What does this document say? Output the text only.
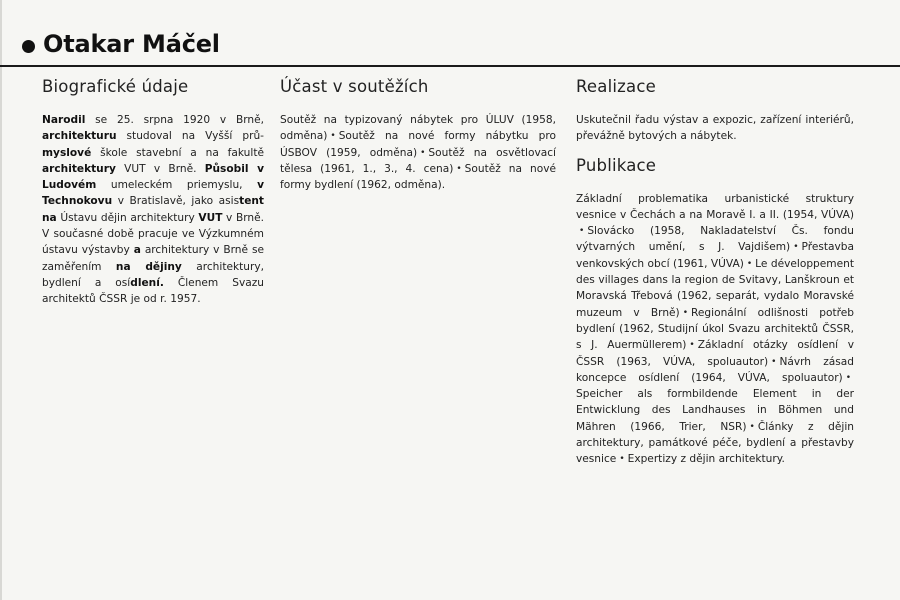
Otakar Máčel
Biografické údaje

Narodil se 25. srpna 1920 v Brně, architekturu studoval na Vyšší prů-myslové škole stavební a na fakultě architektury VUT v Brně. Působil v Ludovém umeleckém priemyslu, v Technokovu v Bratislavě, jako asistent na Ústavu dějin architektury VUT v Brně. V současné době pracuje ve Výzkumném ústavu výstavby a architektury v Brně se zaměřením na dějiny architektury, bydlení a osídlení. Členem Svazu architektů ČSSR je od r. 1957.

Účast v soutěžích

Soutěž na typizovaný nábytek pro ÚLUV (1958, odměna) • Soutěž na nové formy nábytku pro ÚSBOV (1959, odměna) • Soutěž na osvětlovací tělesa (1961, 1., 3., 4. cena) • Soutěž na nové formy bydlení (1962, odměna).

Realizace

Uskutečnil řadu výstav a expozic, zařízení interiérů, převážně bytových a nábytek.

Publikace

Základní problematika urbanistické struktury vesnice v Čechách a na Moravě I. a II. (1954, VÚVA)• Slovácko (1958, Nakladatelství Čs. fondu výtvarných umění, s J. Vajdišem) • Přestavba venkovských obcí (1961, VÚVA) • Le développement des villages dans la region de Svitavy, Lanškroun et Moravská Třebová (1962, separát, vydalo Moravské muzeum v Brně) • Regionální odlišnosti potřeb bydlení (1962, Studijní úkol Svazu architektů ČSSR, s J. Auermüllerem) • Základní otázky osídlení v ČSSR (1963, VÚVA, spoluautor) • Návrh zásad koncepce osídlení (1964, VÚVA, spoluautor) •Speicher als formbildende Element in der Entwicklung des Landhauses in Böhmen und Mähren (1966, Trier, NSR) • Články z dějin architektury, památkové péče, bydlení a přestavby vesnice • Expertizy z dějin architektury.
